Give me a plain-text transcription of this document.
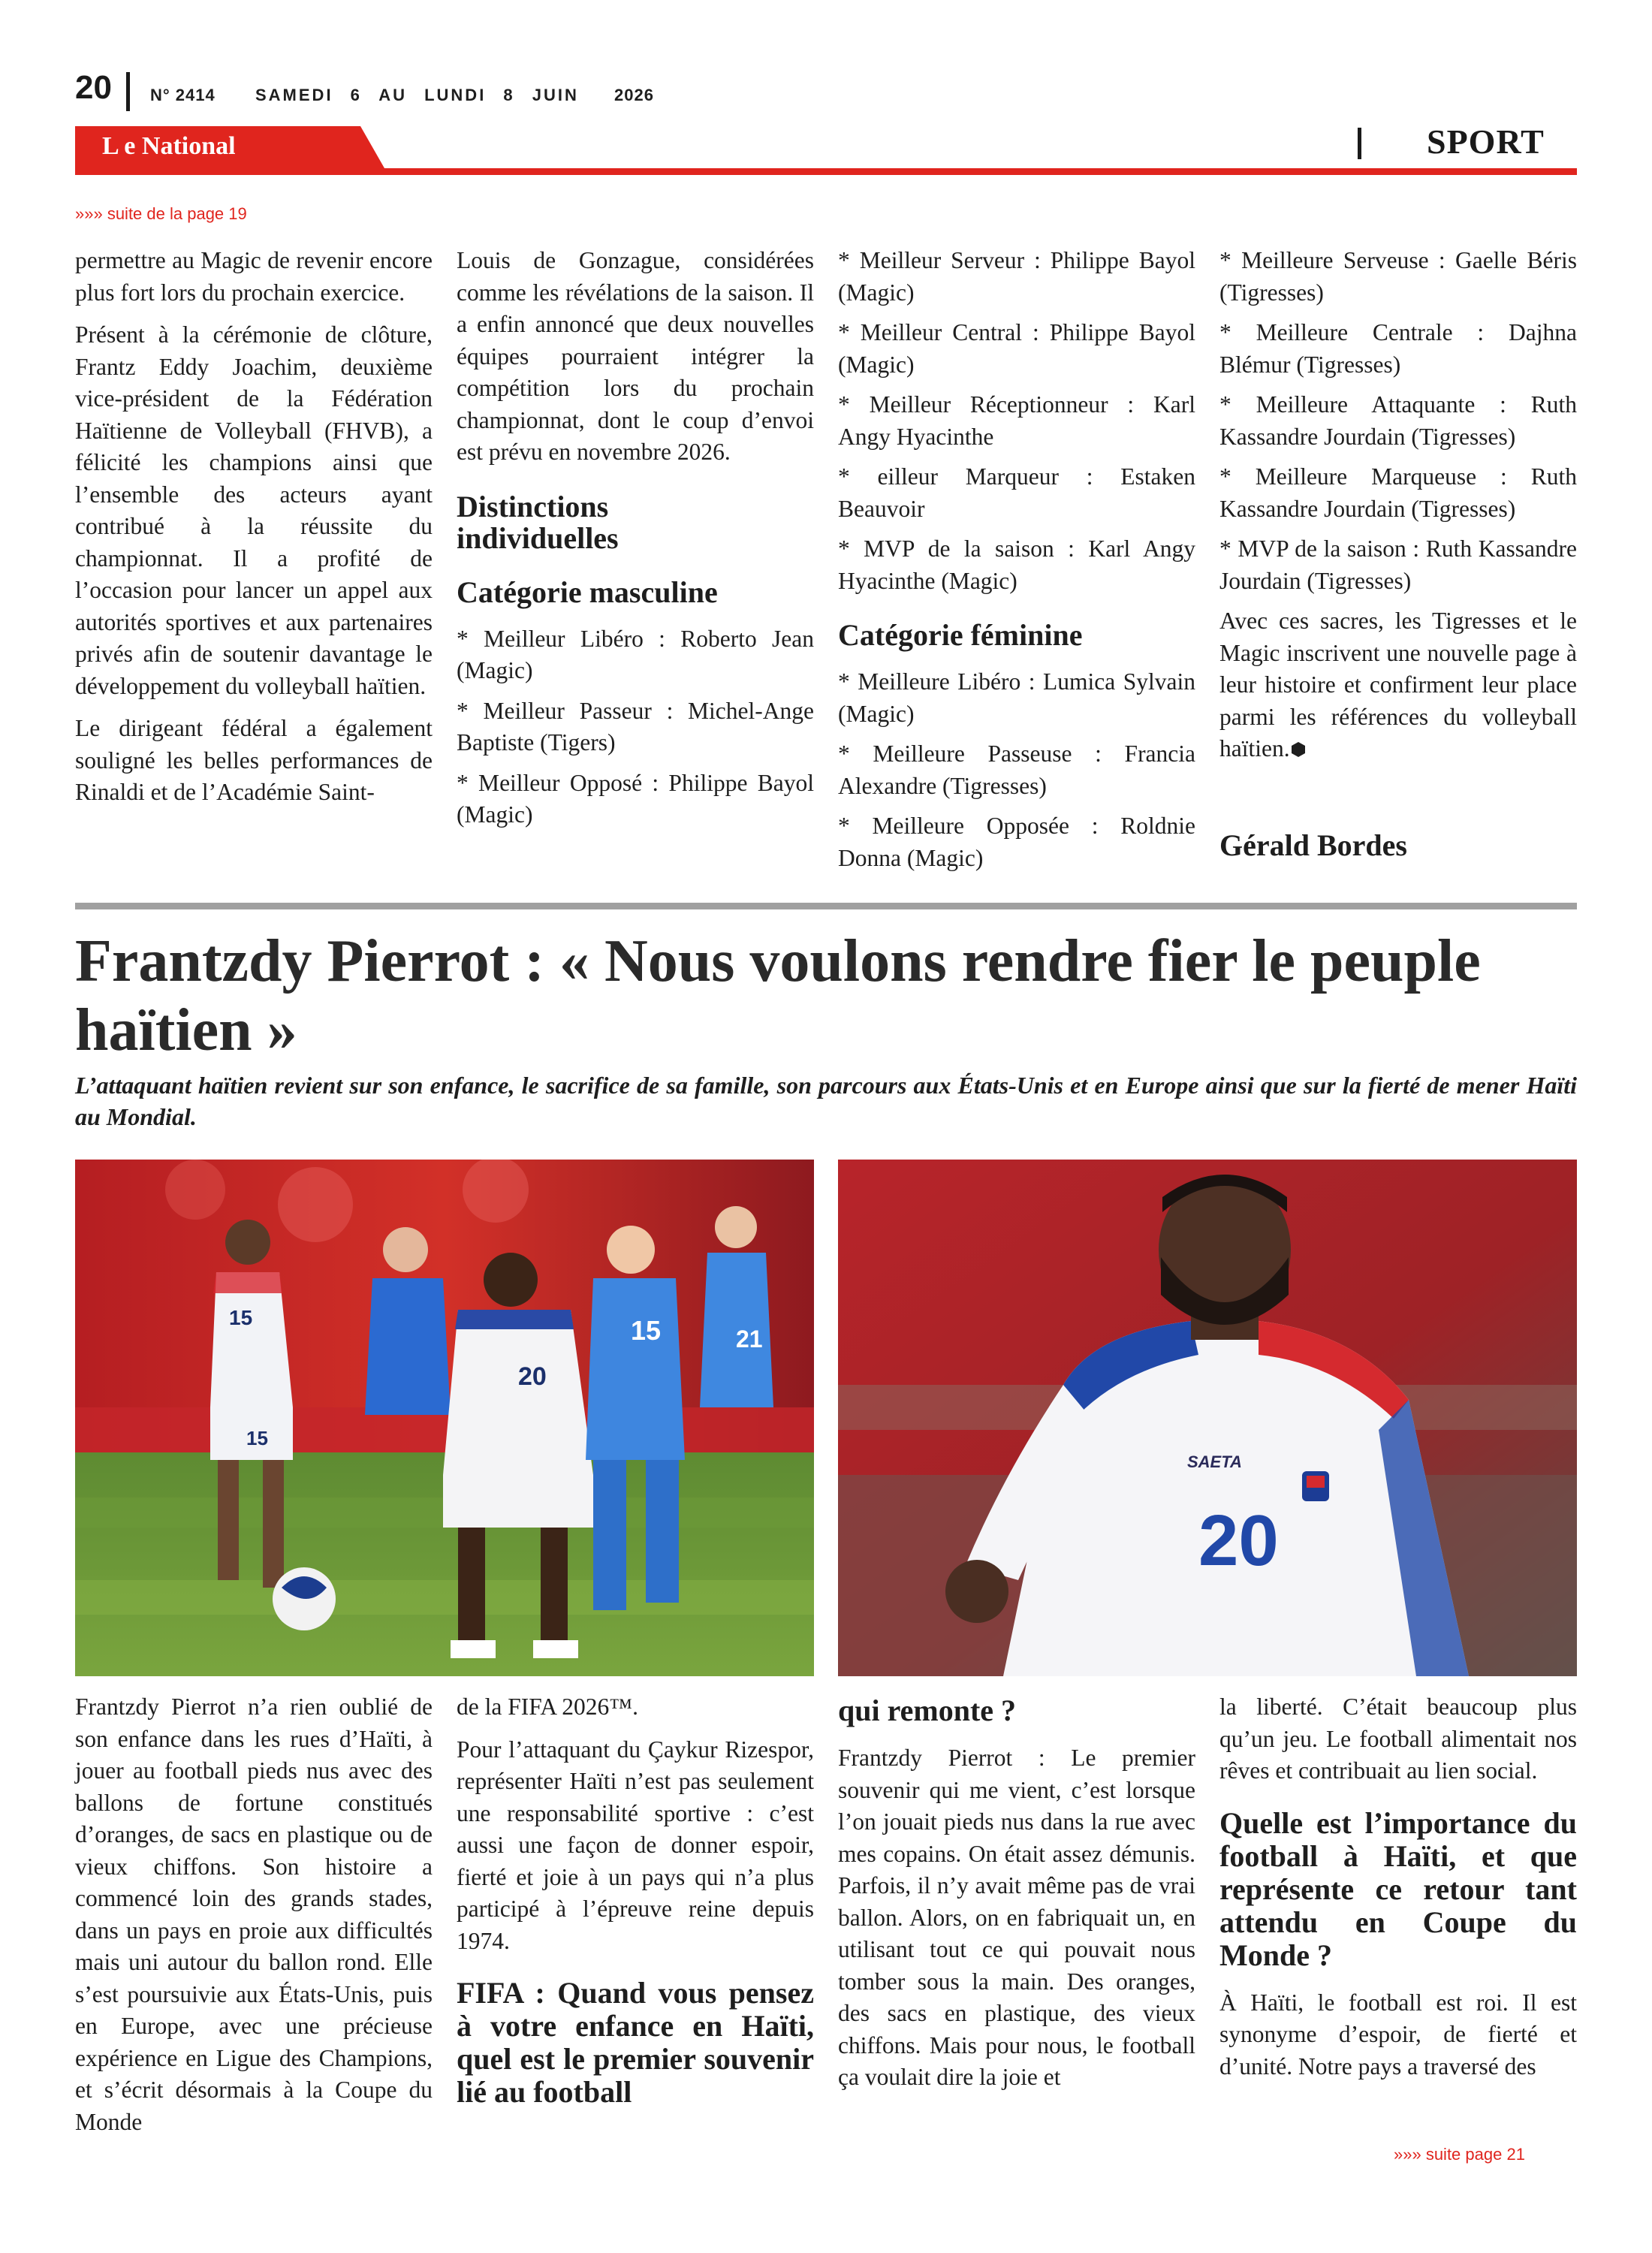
20 N° 2414 SAMEDI 6 AU LUNDI 8 JUIN 2026
L e National	SPORT
»»» suite de la page 19

permettre au Magic de revenir encore plus fort lors du prochain exercice.

Présent à la cérémonie de clôture, Frantz Eddy Joachim, deuxième vice-président de la Fédération Haïtienne de Volleyball (FHVB), a félicité les champions ainsi que l’ensemble des acteurs ayant contribué à la réussite du championnat. Il a profité de l’occasion pour lancer un appel aux autorités sportives et aux partenaires privés afin de soutenir davantage le développement du volleyball haïtien.

Le dirigeant fédéral a également souligné les belles performances de Rinaldi et de l’Académie Saint-

Louis de Gonzague, considérées comme les révélations de la saison. Il a enfin annoncé que deux nouvelles équipes pourraient intégrer la compétition lors du prochain championnat, dont le coup d’envoi est prévu en novembre 2026.

Distinctions individuelles
Catégorie masculine

* Meilleur Libéro : Roberto Jean (Magic)

* Meilleur Passeur : Michel-Ange Baptiste (Tigers)

* Meilleur Opposé : Philippe Bayol (Magic)

* Meilleur Serveur : Philippe Bayol (Magic)

* Meilleur Central : Philippe Bayol (Magic)

* Meilleur Réceptionneur : Karl Angy Hyacinthe

* eilleur Marqueur : Estaken Beauvoir

* MVP de la saison : Karl Angy Hyacinthe (Magic)

Catégorie féminine

* Meilleure Libéro : Lumica Sylvain (Magic)

* Meilleure Passeuse : Francia Alexandre (Tigresses)

* Meilleure Opposée : Roldnie Donna (Magic)

* Meilleure Serveuse : Gaelle Béris (Tigresses)

* Meilleure Centrale : Dajhna Blémur (Tigresses)

* Meilleure Attaquante : Ruth Kassandre Jourdain (Tigresses)

* Meilleure Marqueuse : Ruth Kassandre Jourdain (Tigresses)

* MVP de la saison : Ruth Kassandre Jourdain (Tigresses)

Avec ces sacres, les Tigresses et le Magic inscrivent une nouvelle page à leur histoire et confirment leur place parmi les références du volleyball haïtien.

Gérald Bordes

Frantzdy Pierrot : « Nous voulons rendre fier le peuple haïtien »
L’attaquant haïtien revient sur son enfance, le sacrifice de sa famille, son parcours aux États-Unis et en Europe ainsi que sur la fierté de mener Haïti au Mondial.
15
15
20
15	21
SAETA
20

Frantzdy Pierrot n’a rien oublié de son enfance dans les rues d’Haïti, à jouer au football pieds nus avec des ballons de fortune constitués d’oranges, de sacs en plastique ou de vieux chiffons. Son histoire a commencé loin des grands stades, dans un pays en proie aux difficultés mais uni autour du ballon rond. Elle s’est poursuivie aux États-Unis, puis en Europe, avec une précieuse expérience en Ligue des Champions, et s’écrit désormais à la Coupe du Monde

de la FIFA 2026™.

Pour l’attaquant du Çaykur Rizespor, représenter Haïti n’est pas seulement une responsabilité sportive : c’est aussi une façon de donner espoir, fierté et joie à un pays qui n’a plus participé à l’épreuve reine depuis 1974.

FIFA : Quand vous pensez à votre enfance en Haïti, quel est le premier souvenir lié au football
qui remonte ?

Frantzdy Pierrot : Le premier souvenir qui me vient, c’est lorsque l’on jouait pieds nus dans la rue avec mes copains. On était assez démunis. Parfois, il n’y avait même pas de vrai ballon. Alors, on en fabriquait un, en utilisant tout ce qui pouvait nous tomber sous la main. Des oranges, des sacs en plastique, des vieux chiffons. Mais pour nous, le football ça voulait dire la joie et

la liberté. C’était beaucoup plus qu’un jeu. Le football alimentait nos rêves et contribuait au lien social.

Quelle est l’importance du football à Haïti, et que représente ce retour tant attendu en Coupe du Monde ?

À Haïti, le football est roi. Il est synonyme d’espoir, de fierté et d’unité. Notre pays a traversé des

»»» suite page 21
